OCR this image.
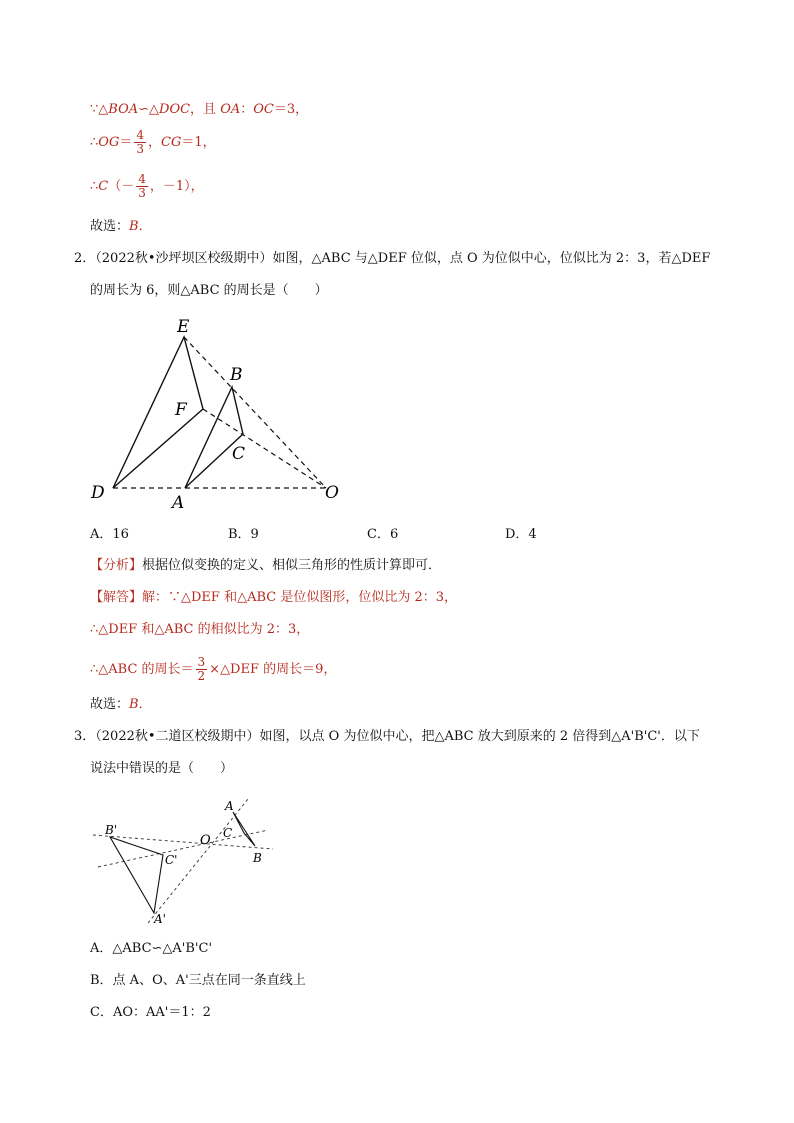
∵△BOA∽△DOC，且 OA：OC＝3，
∴OG＝ $\frac{4}{3}$ ，CG＝1，
∴C（－ $\frac{4}{3}$ ，－1），
故选：B．
2．（2022秋•沙坪坝区校级期中）如图，△ABC 与△DEF 位似，点 O 为位似中心，位似比为 2：3，若△DEF
的周长为 6，则△ABC 的周长是（　　）
E
B
F
C
D	A	O
A．16	B．9	C．6	D．4
【分析】根据位似变换的定义、相似三角形的性质计算即可．
【解答】解：∵△DEF 和△ABC 是位似图形，位似比为 2：3，
∴△DEF 和△ABC 的相似比为 2：3，
∴△ABC 的周长＝ $\frac{3}{2}$ ×△DEF 的周长＝9，
故选：B．
3．（2022秋•二道区校级期中）如图，以点 O 为位似中心，把△ABC 放大到原来的 2 倍得到△A'B'C'．以下
说法中错误的是（　　）
A
C
B
O
B'
C'
A'
A．△ABC∽△A'B'C'
B．点 A、O、A'三点在同一条直线上
C．AO：AA'＝1：2
